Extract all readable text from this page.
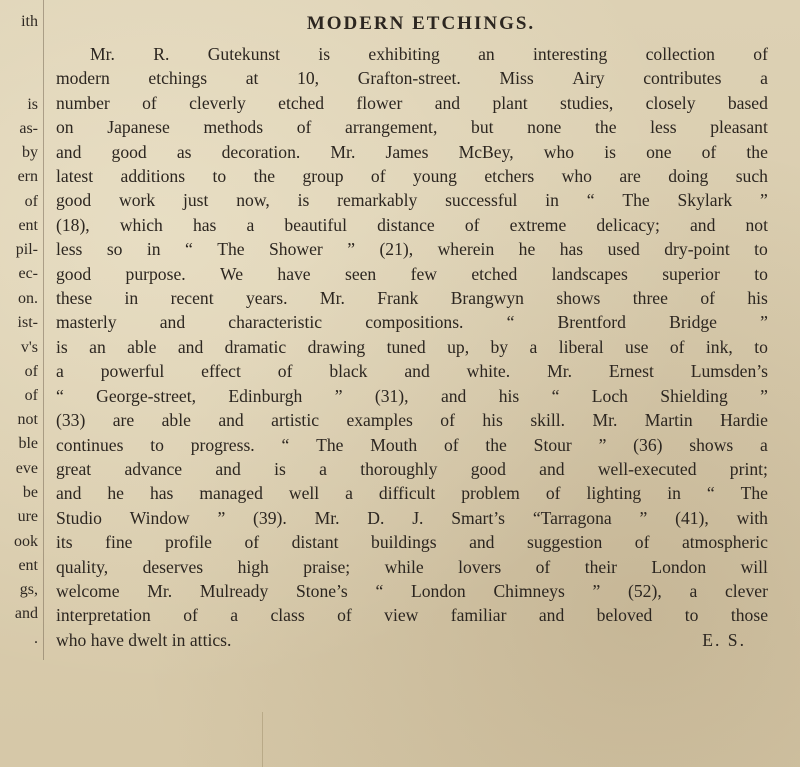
ith
is
as-
by
ern
of
ent
pil-
ec-
on.
ist-
v's
of
of
not
ble
eve
be
ure
ook
ent
gs,
and
.
MODERN ETCHINGS.
Mr. R. Gutekunst is exhibiting an interesting collection of
modern etchings at 10, Grafton-street. Miss Airy contributes a
number of cleverly etched flower and plant studies, closely based
on Japanese methods of arrangement, but none the less pleasant
and good as decoration. Mr. James McBey, who is one of the
latest additions to the group of young etchers who are doing such
good work just now, is remarkably successful in “ The Skylark ”
(18), which has a beautiful distance of extreme delicacy; and not
less so in “ The Shower ” (21), wherein he has used dry-point to
good purpose. We have seen few etched landscapes superior to
these in recent years. Mr. Frank Brangwyn shows three of his
masterly and characteristic compositions. “ Brentford Bridge ”
is an able and dramatic drawing tuned up, by a liberal use of ink, to
a powerful effect of black and white. Mr. Ernest Lumsden’s
“ George-street, Edinburgh ” (31), and his “ Loch Shielding ”
(33) are able and artistic examples of his skill. Mr. Martin Hardie
continues to progress. “ The Mouth of the Stour ” (36) shows a
great advance and is a thoroughly good and well-executed print;
and he has managed well a difficult problem of lighting in “ The
Studio Window ” (39). Mr. D. J. Smart’s “Tarragona ” (41), with
its fine profile of distant buildings and suggestion of atmospheric
quality, deserves high praise; while lovers of their London will
welcome Mr. Mulready Stone’s “ London Chimneys ” (52), a clever
interpretation of a class of view familiar and beloved to those
who have dwelt in attics.	E. S.
